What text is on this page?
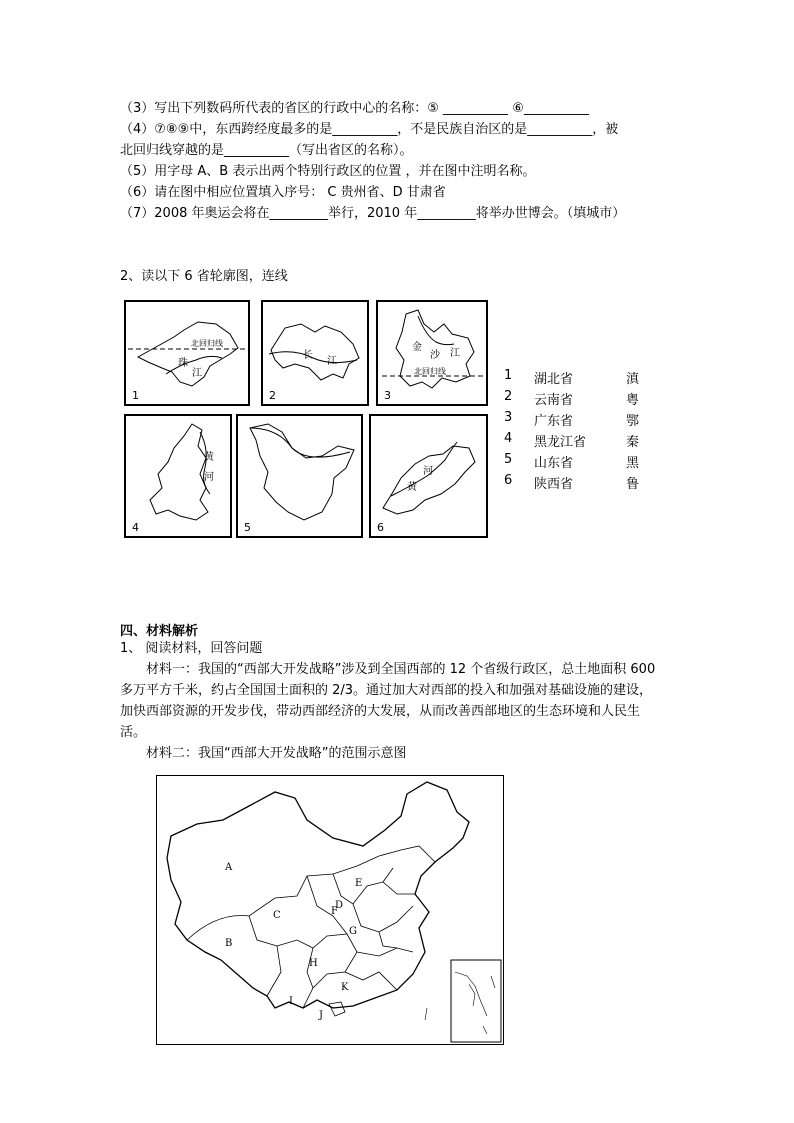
（3）写出下列数码所代表的省区的行政中心的名称：⑤ __________ ⑥__________
（4）⑦⑧⑨中，东西跨经度最多的是__________，不是民族自治区的是__________，被
北回归线穿越的是__________（写出省区的名称）。
（5）用字母 A、B 表示出两个特别行政区的位置 ，并在图中注明名称。
（6）请在图中相应位置填入序号： C 贵州省、D 甘肃省
（7）2008 年奥运会将在_________举行，2010 年_________将举办世博会。（填城市）
2、读以下 6 省轮廓图，连线
北回归线
珠
江
1
长
江
2
金
沙 江
北回归线
3
黄
河
4	5
河
黄
6
1 湖北省	滇
2 云南省	粤
3 广东省	鄂
4 黑龙江省	秦
5 山东省	黑
6 陕西省	鲁
四、材料解析
1、 阅读材料，回答问题
材料一：我国的“西部大开发战略”涉及到全国西部的 12 个省级行政区，总土地面积 600
多万平方千米，约占全国国土面积的 2/3。通过加大对西部的投入和加强对基础设施的建设，
加快西部资源的开发步伐，带动西部经济的大发展，从而改善西部地区的生态环境和人民生
活。
材料二：我国“西部大开发战略”的范围示意图
A
B
C
D
E
F
G
H
I
J
K
